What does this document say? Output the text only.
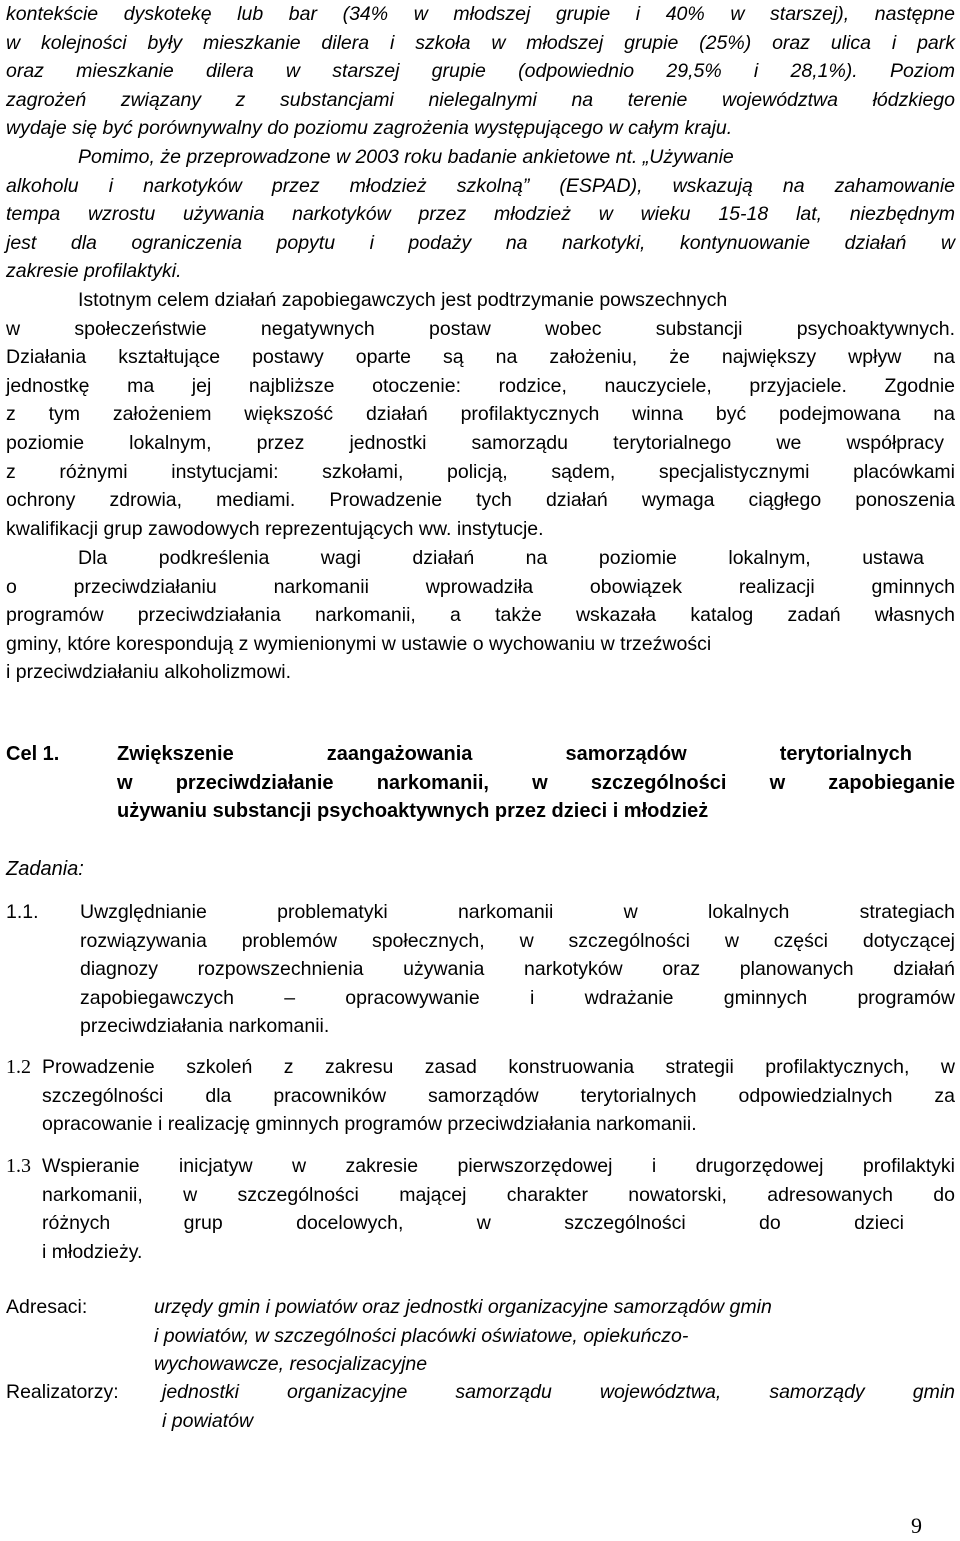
kontekście dyskotekę lub bar (34% w młodszej grupie i 40% w starszej), następne
w kolejności były mieszkanie dilera i szkoła w młodszej grupie (25%) oraz ulica i park
oraz mieszkanie dilera w starszej grupie (odpowiednio 29,5% i 28,1%). Poziom
zagrożeń związany z substancjami nielegalnymi na terenie województwa łódzkiego
wydaje się być porównywalny do poziomu zagrożenia występującego w całym kraju.
Pomimo, że przeprowadzone w 2003 roku badanie ankietowe nt. „Używanie
alkoholu i narkotyków przez młodzież szkolną” (ESPAD), wskazują na zahamowanie
tempa wzrostu używania narkotyków przez młodzież w wieku 15-18 lat, niezbędnym
jest dla ograniczenia popytu i podaży na narkotyki, kontynuowanie działań w
zakresie profilaktyki.
Istotnym celem działań zapobiegawczych jest podtrzymanie powszechnych
w społeczeństwie negatywnych postaw wobec substancji psychoaktywnych.
Działania kształtujące postawy oparte są na założeniu, że największy wpływ na
jednostkę ma jej najbliższe otoczenie: rodzice, nauczyciele, przyjaciele. Zgodnie
z tym założeniem większość działań profilaktycznych winna być podejmowana na
poziomie lokalnym, przez jednostki samorządu terytorialnego we współpracy
z różnymi instytucjami: szkołami, policją, sądem, specjalistycznymi placówkami
ochrony zdrowia, mediami. Prowadzenie tych działań wymaga ciągłego ponoszenia
kwalifikacji grup zawodowych reprezentujących ww. instytucje.
Dla podkreślenia wagi działań na poziomie lokalnym, ustawa
o przeciwdziałaniu narkomanii wprowadziła obowiązek realizacji gminnych
programów przeciwdziałania narkomanii, a także wskazała katalog zadań własnych
gminy, które korespondują z wymienionymi w ustawie o wychowaniu w trzeźwości
i przeciwdziałaniu alkoholizmowi.
Cel 1.	Zwiększenie zaangażowania samorządów terytorialnych
w przeciwdziałanie narkomanii, w szczególności w zapobieganie
używaniu substancji psychoaktywnych przez dzieci i młodzież
Zadania:
1.1. Uwzględnianie problematyki narkomanii w lokalnych strategiach
rozwiązywania problemów społecznych, w szczególności w części dotyczącej
diagnozy rozpowszechnienia używania narkotyków oraz planowanych działań
zapobiegawczych – opracowywanie i wdrażanie gminnych programów
przeciwdziałania narkomanii.
1.2 Prowadzenie szkoleń z zakresu zasad konstruowania strategii profilaktycznych, w
szczególności dla pracowników samorządów terytorialnych odpowiedzialnych za
opracowanie i realizację gminnych programów przeciwdziałania narkomanii.
1.3 Wspieranie inicjatyw w zakresie pierwszorzędowej i drugorzędowej profilaktyki
narkomanii, w szczególności mającej charakter nowatorski, adresowanych do
różnych grup docelowych, w szczególności do dzieci
i młodzieży.
Adresaci:	urzędy gmin i powiatów oraz jednostki organizacyjne samorządów gmin
i powiatów, w szczególności placówki oświatowe, opiekuńczo-
wychowawcze, resocjalizacyjne
Realizatorzy: jednostki organizacyjne samorządu województwa, samorządy gmin
i powiatów
9
